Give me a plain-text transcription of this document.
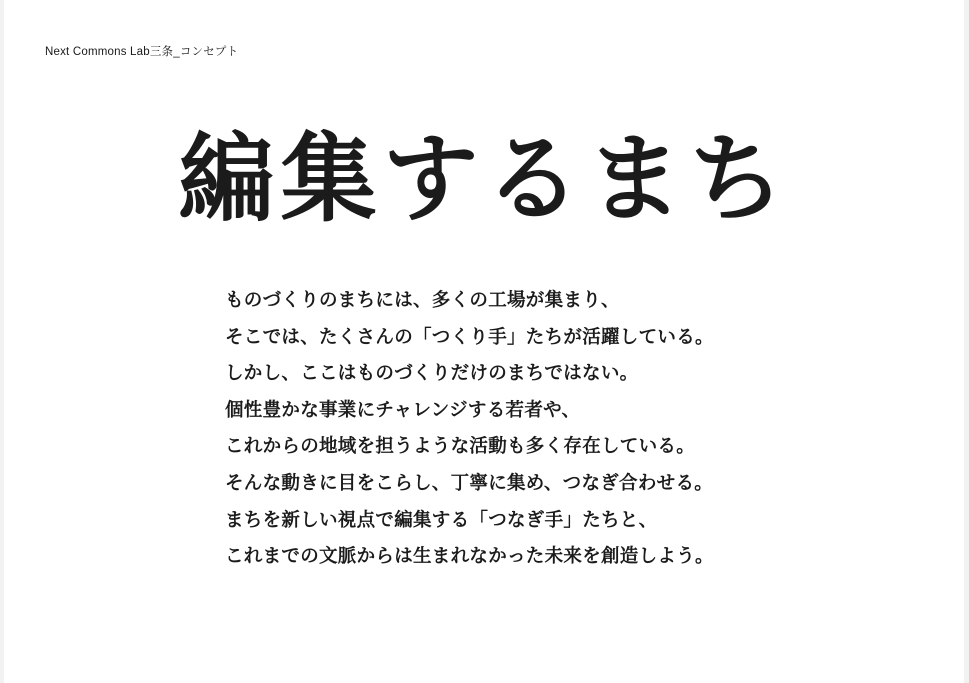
Next Commons Lab三条_コンセプト
編集するまち
ものづくりのまちには、多くの工場が集まり、
そこでは、たくさんの「つくり手」たちが活躍している。
しかし、ここはものづくりだけのまちではない。
個性豊かな事業にチャレンジする若者や、
これからの地域を担うような活動も多く存在している。
そんな動きに目をこらし、丁寧に集め、つなぎ合わせる。
まちを新しい視点で編集する「つなぎ手」たちと、
これまでの文脈からは生まれなかった未来を創造しよう。
